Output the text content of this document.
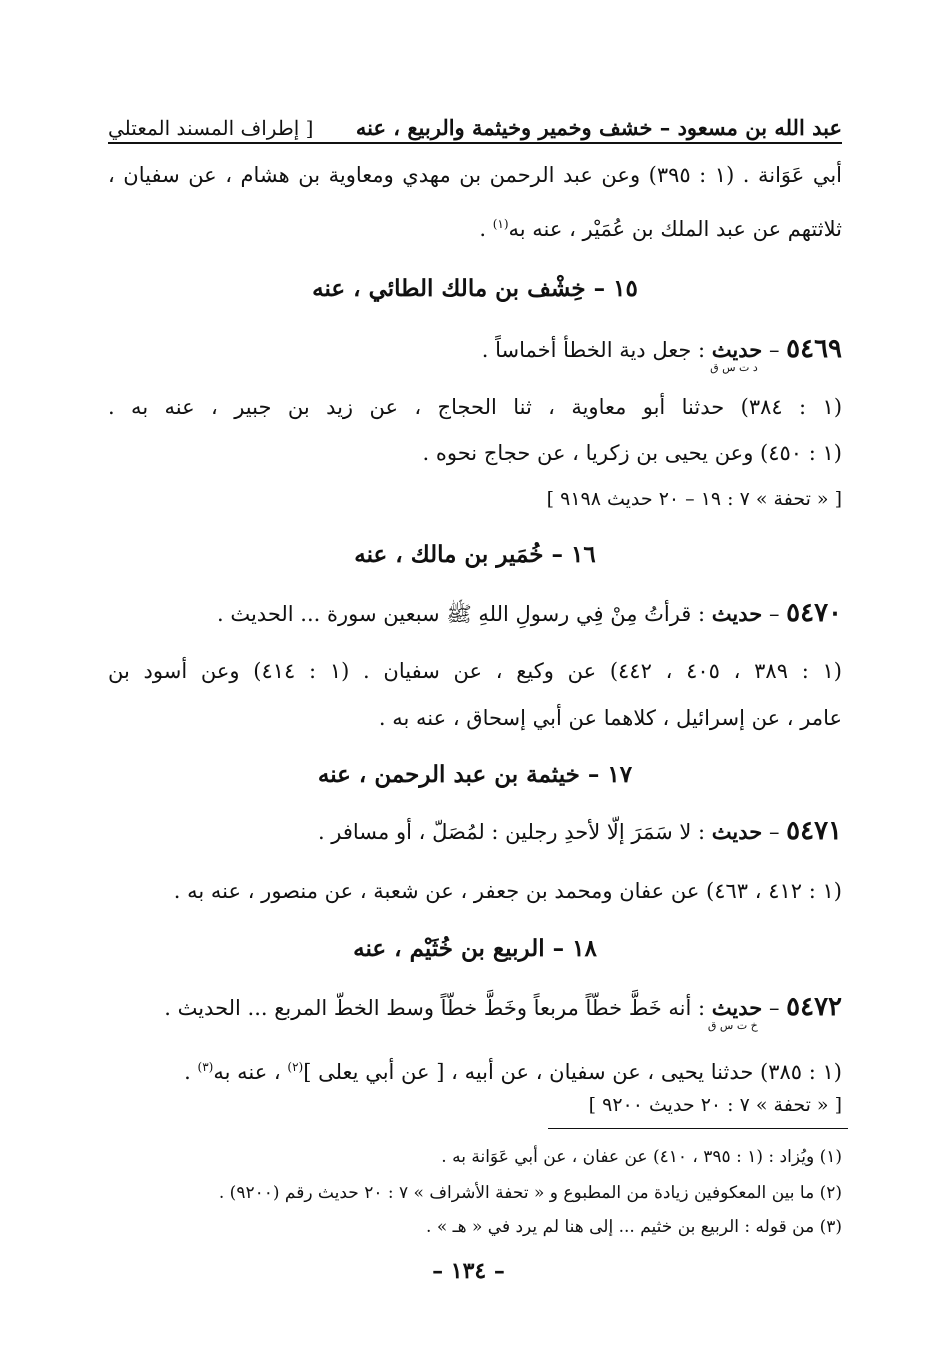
عبد الله بن مسعود – خشف وخمير وخيثمة والربيع ، عنه
[ إطراف المسند المعتلي
أبي عَوَانة . (١ : ٣٩٥) وعن عبد الرحمن بن مهدي ومعاوية بن هشام ، عن سفيان ،
ثلاثتهم عن عبد الملك بن عُمَيْر ، عنه به$^{(١)}$ .
١٥ – خِشْف بن مالك الطائي ، عنه
٥٤٦٩ – حديثد ت س ق : جعل دية الخطأ أخماساً .
(١ : ٣٨٤) حدثنا أبو معاوية ، ثنا الحجاج ، عن زيد بن جبير ، عنه به .
(١ : ٤٥٠) وعن يحيى بن زكريا ، عن حجاج نحوه .
[ « تحفة » ٧ : ١٩ – ٢٠ حديث ٩١٩٨ ]
١٦ – خُمَير بن مالك ، عنه
٥٤٧٠ – حديث : قرأتُ مِنْ فِي رسولِ اللهِ ﷺ سبعين سورة ... الحديث .
(١ : ٣٨٩ ، ٤٠٥ ، ٤٤٢) عن وكيع ، عن سفيان . (١ : ٤١٤) وعن أسود بن
عامر ، عن إسرائيل ، كلاهما عن أبي إسحاق ، عنه به .
١٧ – خيثمة بن عبد الرحمن ، عنه
٥٤٧١ – حديث : لا سَمَرَ إلّا لأحدِ رجلين : لمُصَلّ ، أو مسافر .
(١ : ٤١٢ ، ٤٦٣) عن عفان ومحمد بن جعفر ، عن شعبة ، عن منصور ، عنه به .
١٨ – الربيع بن خُثَيْم ، عنه
٥٤٧٢ – حديثخ ت س ق : أنه خَطَّ خطّاً مربعاً وخَطَّ خطّاً وسط الخطّ المربع ... الحديث .
(١ : ٣٨٥) حدثنا يحيى ، عن سفيان ، عن أبيه ، [ عن أبي يعلى ]$^{(٢)}$ ، عنه به$^{(٣)}$ .
[ « تحفة » ٧ : ٢٠ حديث ٩٢٠٠ ]
(١) ويُزاد : (١ : ٣٩٥ ، ٤١٠) عن عفان ، عن أبي عَوَانة به .
(٢) ما بين المعكوفين زيادة من المطبوع و « تحفة الأشراف » ٧ : ٢٠ حديث رقم (٩٢٠٠) .
(٣) من قوله : الربيع بن خثيم ... إلى هنا لم يرد في « هـ » .
– ١٣٤ –
